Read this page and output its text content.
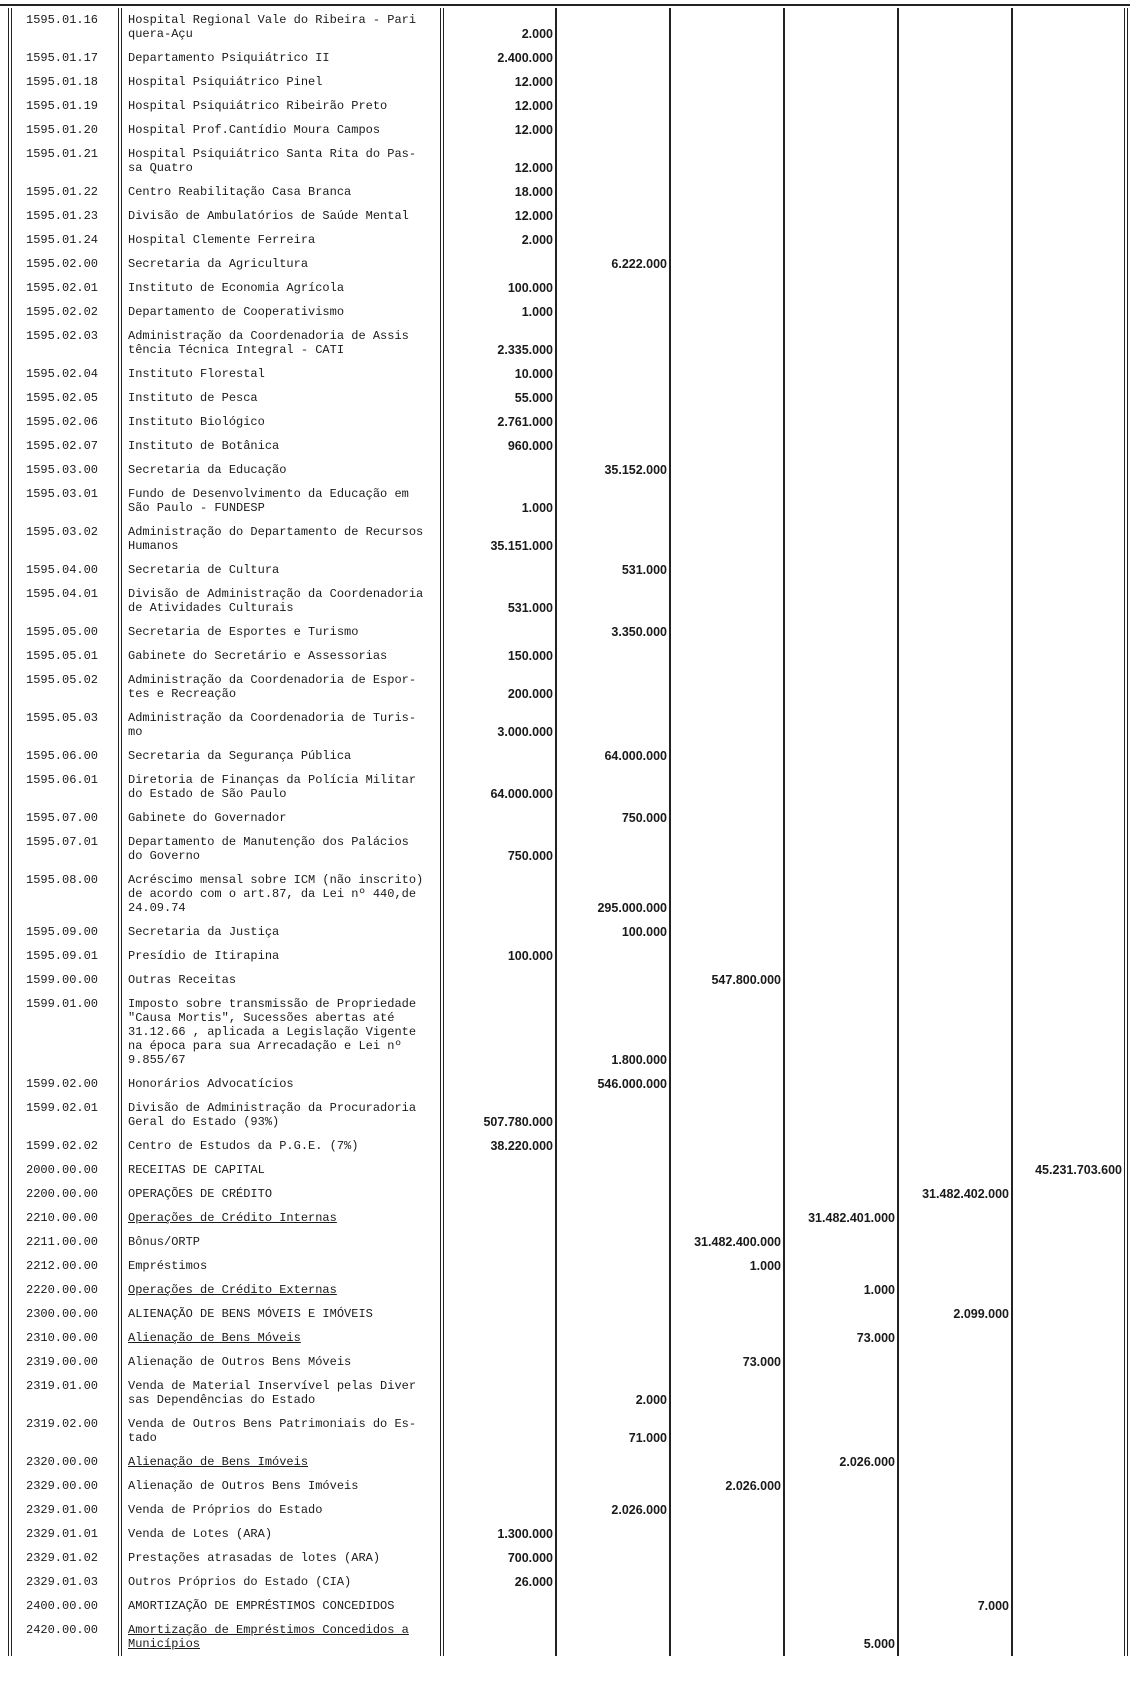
1595.01.16	Hospital Regional Vale do Ribeira - Pari
quera-Açu	2.000					
1595.01.17	Departamento Psiquiátrico II	2.400.000					
1595.01.18	Hospital Psiquiátrico Pinel	12.000					
1595.01.19	Hospital Psiquiátrico Ribeirão Preto	12.000					
1595.01.20	Hospital Prof.Cantídio Moura Campos	12.000					
1595.01.21	Hospital Psiquiátrico Santa Rita do Pas-
sa Quatro	12.000					
1595.01.22	Centro Reabilitação Casa Branca	18.000					
1595.01.23	Divisão de Ambulatórios de Saúde Mental	12.000					
1595.01.24	Hospital Clemente Ferreira	2.000					
1595.02.00	Secretaria da Agricultura		6.222.000				
1595.02.01	Instituto de Economia Agrícola	100.000					
1595.02.02	Departamento de Cooperativismo	1.000					
1595.02.03	Administração da Coordenadoria de Assis
tência Técnica Integral - CATI	2.335.000					
1595.02.04	Instituto Florestal	10.000					
1595.02.05	Instituto de Pesca	55.000					
1595.02.06	Instituto Biológico	2.761.000					
1595.02.07	Instituto de Botânica	960.000					
1595.03.00	Secretaria da Educação		35.152.000				
1595.03.01	Fundo de Desenvolvimento da Educação em
São Paulo - FUNDESP	1.000					
1595.03.02	Administração do Departamento de Recursos
Humanos	35.151.000					
1595.04.00	Secretaria de Cultura		531.000				
1595.04.01	Divisão de Administração da Coordenadoria
de Atividades Culturais	531.000					
1595.05.00	Secretaria de Esportes e Turismo		3.350.000				
1595.05.01	Gabinete do Secretário e Assessorias	150.000					
1595.05.02	Administração da Coordenadoria de Espor-
tes e Recreação	200.000					
1595.05.03	Administração da Coordenadoria de Turis-
mo	3.000.000					
1595.06.00	Secretaria da Segurança Pública		64.000.000				
1595.06.01	Diretoria de Finanças da Polícia Militar
do Estado de São Paulo	64.000.000					
1595.07.00	Gabinete do Governador		750.000				
1595.07.01	Departamento de Manutenção dos Palácios
do Governo	750.000					
1595.08.00	Acréscimo mensal sobre ICM (não inscrito)
de acordo com o art.87, da Lei nº 440,de
24.09.74		295.000.000				
1595.09.00	Secretaria da Justiça		100.000				
1595.09.01	Presídio de Itirapina	100.000					
1599.00.00	Outras Receitas			547.800.000			
1599.01.00	Imposto sobre transmissão de Propriedade
"Causa Mortis", Sucessões abertas até
31.12.66 , aplicada a Legislação Vigente
na época para sua Arrecadação e Lei nº
9.855/67		1.800.000				
1599.02.00	Honorários Advocatícios		546.000.000				
1599.02.01	Divisão de Administração da Procuradoria
Geral do Estado (93%)	507.780.000					
1599.02.02	Centro de Estudos da P.G.E. (7%)	38.220.000					
2000.00.00	RECEITAS DE CAPITAL						45.231.703.600
2200.00.00	OPERAÇÕES DE CRÉDITO					31.482.402.000	
2210.00.00	Operações de Crédito Internas				31.482.401.000		
2211.00.00	Bônus/ORTP			31.482.400.000			
2212.00.00	Empréstimos			1.000			
2220.00.00	Operações de Crédito Externas				1.000		
2300.00.00	ALIENAÇÃO DE BENS MÓVEIS E IMÓVEIS					2.099.000	
2310.00.00	Alienação de Bens Móveis				73.000		
2319.00.00	Alienação de Outros Bens Móveis			73.000			
2319.01.00	Venda de Material Inservível pelas Diver
sas Dependências do Estado		2.000				
2319.02.00	Venda de Outros Bens Patrimoniais do Es-
tado		71.000				
2320.00.00	Alienação de Bens Imóveis				2.026.000		
2329.00.00	Alienação de Outros Bens Imóveis			2.026.000			
2329.01.00	Venda de Próprios do Estado		2.026.000				
2329.01.01	Venda de Lotes (ARA)	1.300.000					
2329.01.02	Prestações atrasadas de lotes (ARA)	700.000					
2329.01.03	Outros Próprios do Estado (CIA)	26.000					
2400.00.00	AMORTIZAÇÃO DE EMPRÉSTIMOS CONCEDIDOS					7.000	
2420.00.00	Amortização de Empréstimos Concedidos a
Municípios				5.000		
